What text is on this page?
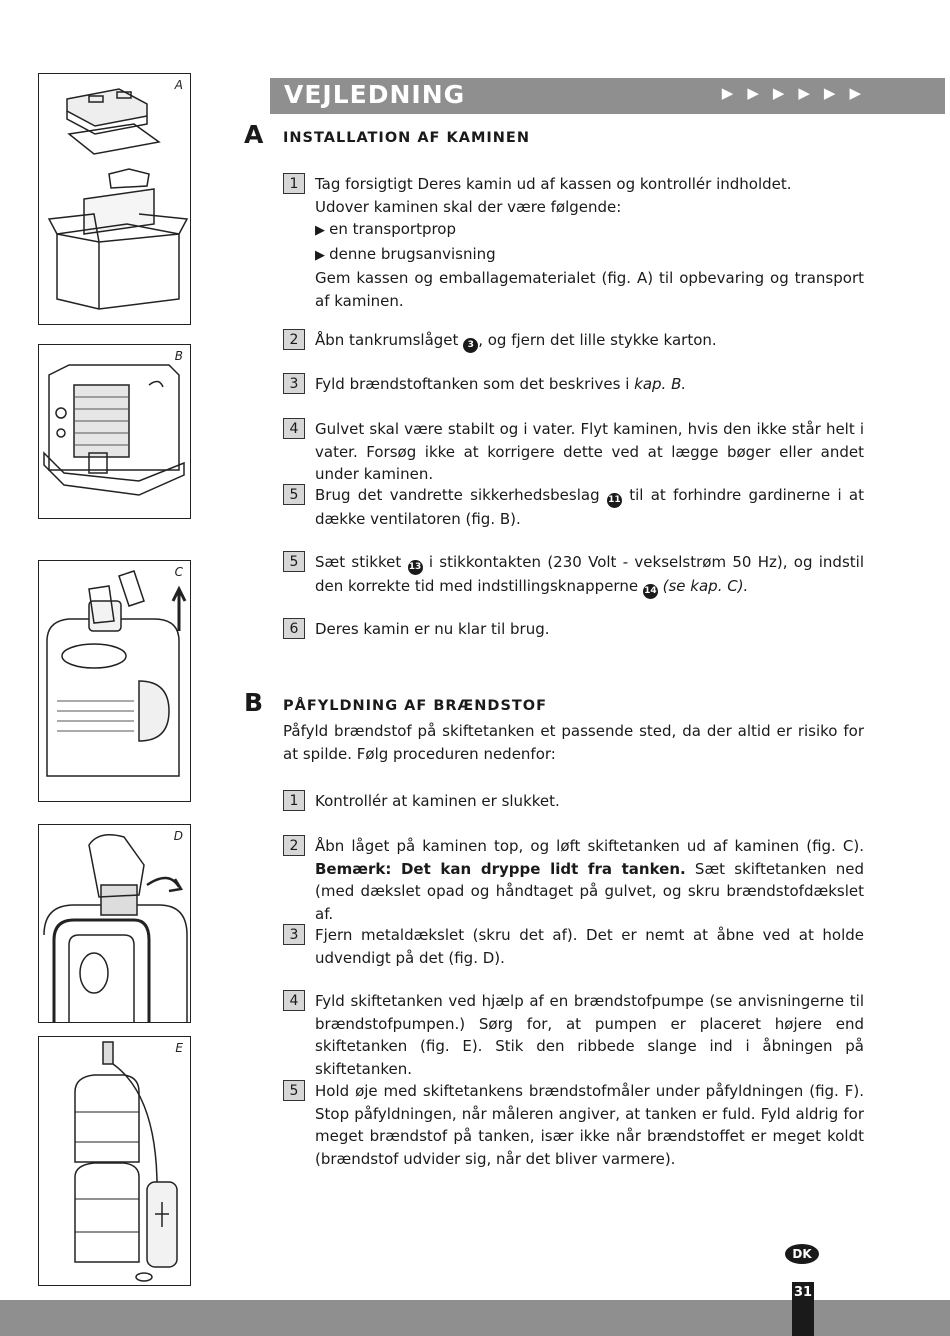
A
B
C
D
E
VEJLEDNING	▶▶▶▶▶▶
A INSTALLATION AF KAMINEN
1	Tag forsigtigt Deres kamin ud af kassen og kontrollér indholdet.

Udover kaminen skal der være følgende:

▶ en transportprop

▶ denne brugsanvisning

Gem kassen og emballagematerialet (fig. A) til opbevaring og transport af kaminen.

2	Åbn tankrumslåget 3 , og fjern det lille stykke karton.
3	Fyld brændstoftanken som det beskrives i kap. B.
4	Gulvet skal være stabilt og i vater. Flyt kaminen, hvis den ikke står helt i vater. Forsøg ikke at korrigere dette ved at lægge bøger eller andet under kaminen.
5	Brug det vandrette sikkerhedsbeslag 11 til at forhindre gardinerne i at dække ventilatoren (fig. B).
5	Sæt stikket 13 i stikkontakten (230 Volt - vekselstrøm 50 Hz), og indstil den korrekte tid med indstillingsknapperne 14 (se kap. C).
6	Deres kamin er nu klar til brug.
B PÅFYLDNING AF BRÆNDSTOF
Påfyld brændstof på skiftetanken et passende sted, da der altid er risiko for at spilde. Følg proceduren nedenfor:
1	Kontrollér at kaminen er slukket.
2	Åbn låget på kaminen top, og løft skiftetanken ud af kaminen (fig. C). Bemærk: Det kan dryppe lidt fra tanken. Sæt skiftetanken ned (med dækslet opad og håndtaget på gulvet, og skru brændstofdækslet af.
3	Fjern metaldækslet (skru det af). Det er nemt at åbne ved at holde udvendigt på det (fig. D).
4	Fyld skiftetanken ved hjælp af en brændstofpumpe (se anvisningerne til brændstofpumpen.) Sørg for, at pumpen er placeret højere end skiftetanken (fig. E). Stik den ribbede slange ind i åbningen på skiftetanken.
5	Hold øje med skiftetankens brændstofmåler under påfyldningen (fig. F). Stop påfyldningen, når måleren angiver, at tanken er fuld. Fyld aldrig for meget brændstof på tanken, især ikke når brændstoffet er meget koldt (brændstof udvider sig, når det bliver varmere).
DK
31
